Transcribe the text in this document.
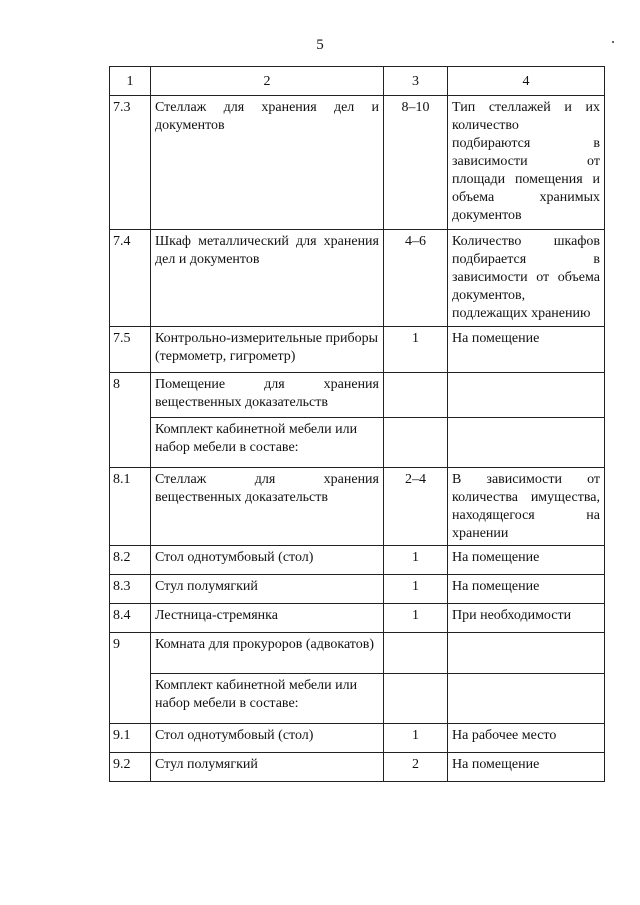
5
1	2	3	4
7.3	Стеллаж для хранения дел и документов	8–10	Тип стеллажей и их количество подбираются в зависимости от площади помещения и объема хранимых документов
7.4	Шкаф металлический для хранения дел и документов	4–6	Количество шкафов подбирается в зависимости от объема документов, подлежащих хранению
7.5	Контрольно-измерительные приборы (термометр, гигрометр)	1	На помещение
8	Помещение для хранения вещественных доказательств		
	Комплект кабинетной мебели или набор мебели в составе:		
8.1	Стеллаж для хранения вещественных доказательств	2–4	В зависимости от количества имущества, находящегося на хранении
8.2	Стол однотумбовый (стол)	1	На помещение
8.3	Стул полумягкий	1	На помещение
8.4	Лестница-стремянка	1	При необходимости
9	Комната для прокуроров (адвокатов)		
	Комплект кабинетной мебели или набор мебели в составе:		
9.1	Стол однотумбовый (стол)	1	На рабочее место
9.2	Стул полумягкий	2	На помещение
